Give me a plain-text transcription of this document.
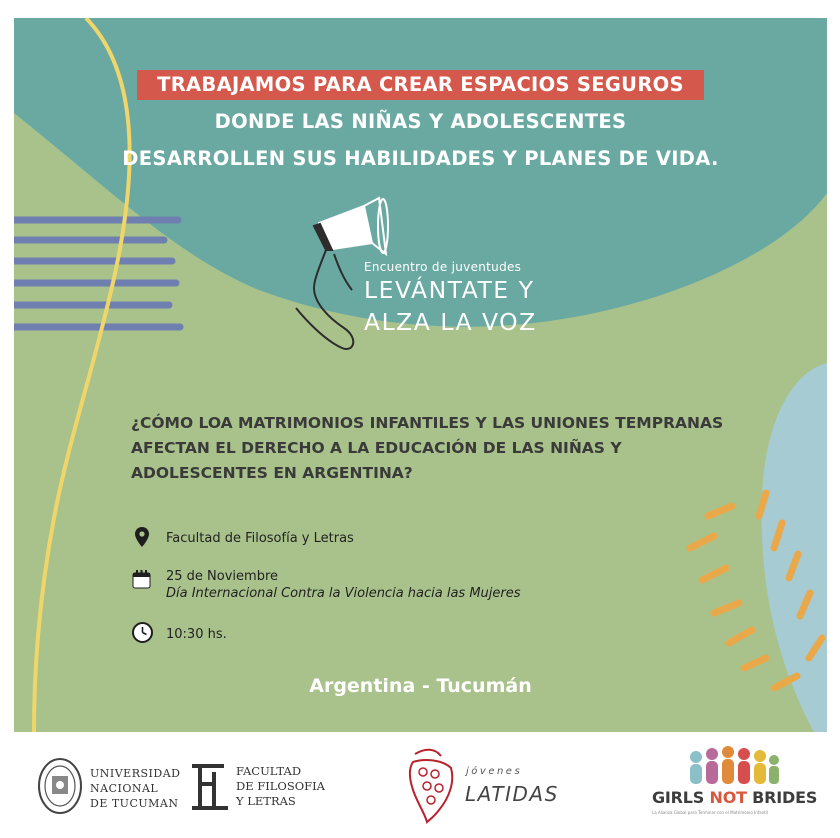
TRABAJAMOS PARA CREAR ESPACIOS SEGUROS
DONDE LAS NIÑAS Y ADOLESCENTES
DESARROLLEN SUS HABILIDADES Y PLANES DE VIDA.
Encuentro de juventudes
LEVÁNTATE Y
ALZA LA VOZ
¿CÓMO LOA MATRIMONIOS INFANTILES Y LAS UNIONES TEMPRANAS AFECTAN EL DERECHO A LA EDUCACIÓN DE LAS NIÑAS Y ADOLESCENTES EN ARGENTINA?
Facultad de Filosofía y Letras
25 de Noviembre
Día Internacional Contra la Violencia hacia las Mujeres
10:30 hs.
Argentina - Tucumán
UNIVERSIDAD
NACIONAL
DE TUCUMAN
FACULTAD
DE FILOSOFIA
Y LETRAS
jóvenes
LATIDAS	GIRLS NOT BRIDES
La Alianza Global para Terminar con el Matrimonio Infantil
